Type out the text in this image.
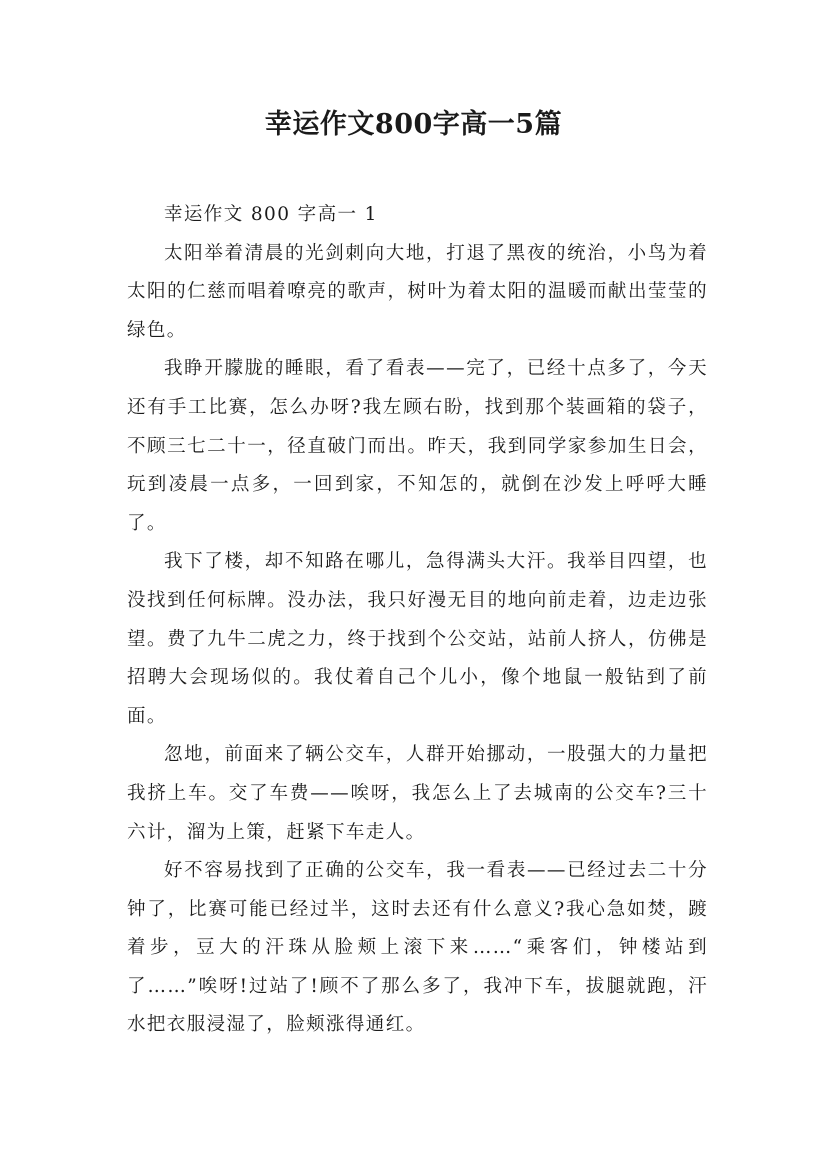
幸运作文800字高一5篇

幸运作文 800 字高一 1

太阳举着清晨的光剑刺向大地，打退了黑夜的统治，小鸟为着太阳的仁慈而唱着嘹亮的歌声，树叶为着太阳的温暖而献出莹莹的绿色。

我睁开朦胧的睡眼，看了看表——完了，已经十点多了，今天还有手工比赛，怎么办呀?我左顾右盼，找到那个装画箱的袋子，不顾三七二十一，径直破门而出。昨天，我到同学家参加生日会，玩到凌晨一点多，一回到家，不知怎的，就倒在沙发上呼呼大睡了。

我下了楼，却不知路在哪儿，急得满头大汗。我举目四望，也没找到任何标牌。没办法，我只好漫无目的地向前走着，边走边张望。费了九牛二虎之力，终于找到个公交站，站前人挤人，仿佛是招聘大会现场似的。我仗着自己个儿小，像个地鼠一般钻到了前面。

忽地，前面来了辆公交车，人群开始挪动，一股强大的力量把我挤上车。交了车费——唉呀，我怎么上了去城南的公交车?三十六计，溜为上策，赶紧下车走人。

好不容易找到了正确的公交车，我一看表——已经过去二十分钟了，比赛可能已经过半，这时去还有什么意义?我心急如焚，踱着步，豆大的汗珠从脸颊上滚下来……“乘客们，钟楼站到了……”唉呀!过站了!顾不了那么多了，我冲下车，拔腿就跑，汗水把衣服浸湿了，脸颊涨得通红。
